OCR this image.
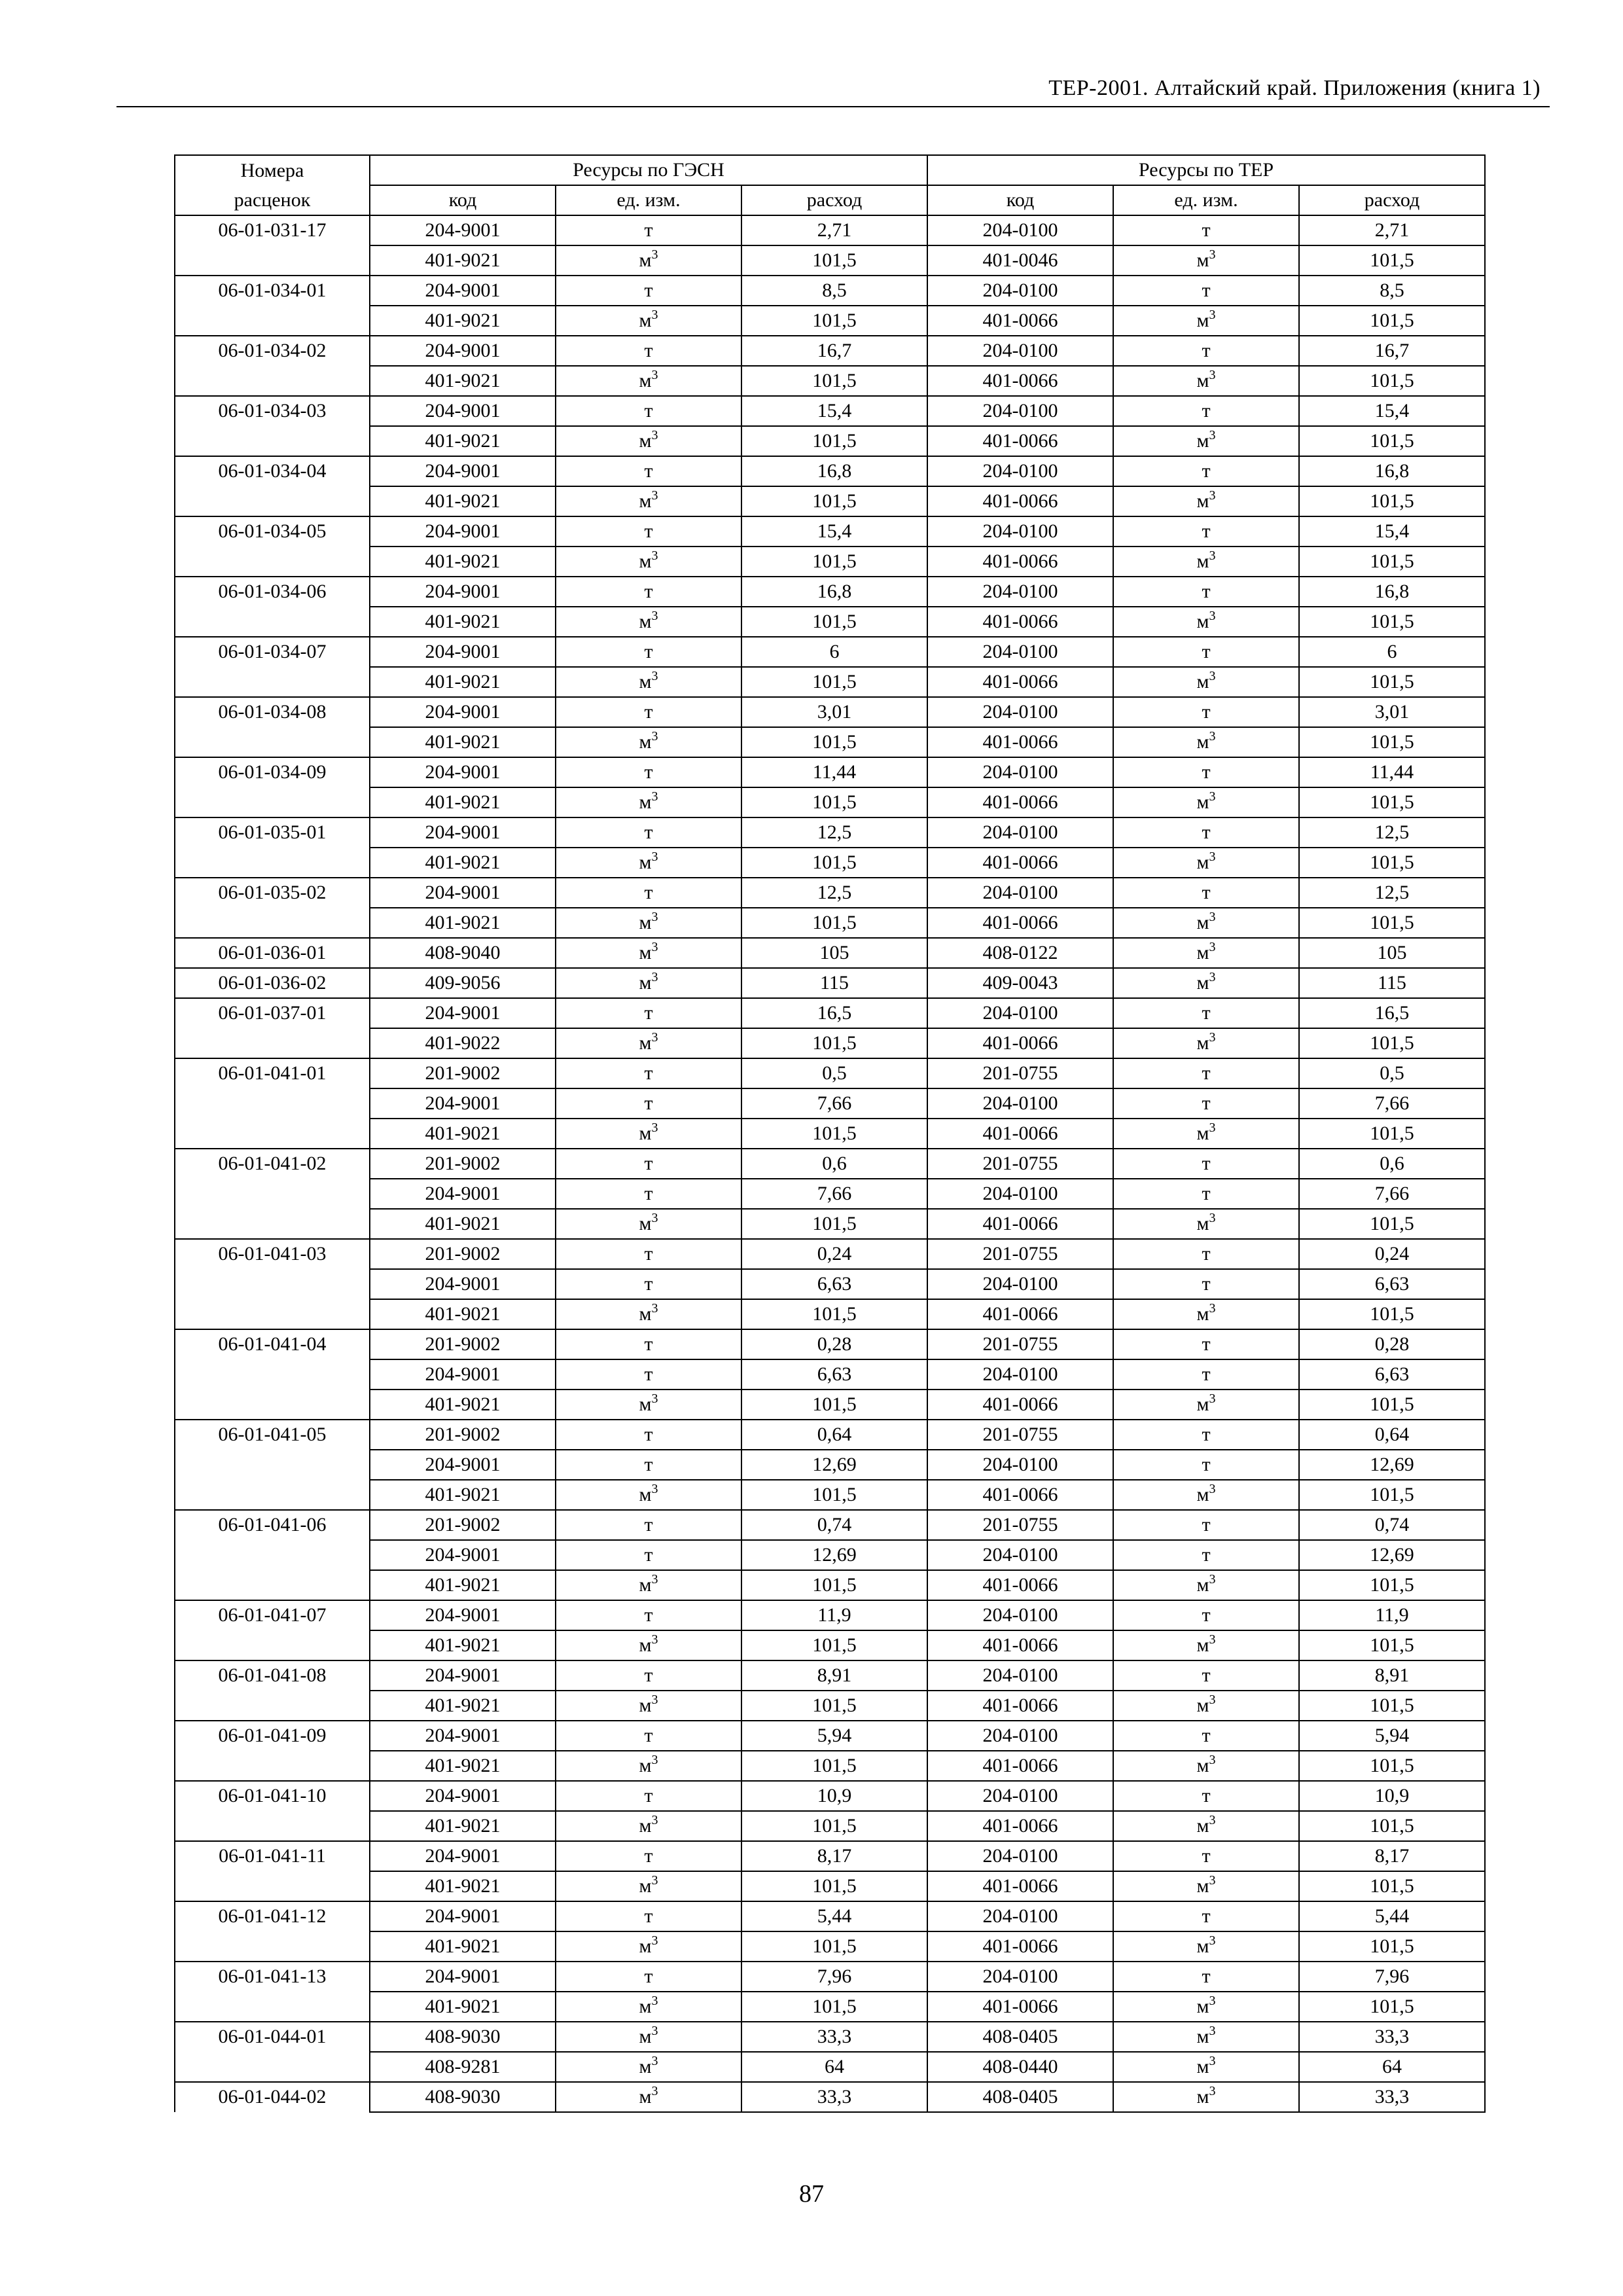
ТЕР-2001. Алтайский край. Приложения (книга 1)
Номера	Ресурсы по ГЭСН			Ресурсы по ТЕР		
расценок	код	ед. изм.	расход	код	ед. изм.	расход
06-01-031-17	204-9001	т	2,71	204-0100	т	2,71
	401-9021	$м^3$	101,5	401-0046	$м^3$	101,5
06-01-034-01	204-9001	т	8,5	204-0100	т	8,5
	401-9021	$м^3$	101,5	401-0066	$м^3$	101,5
06-01-034-02	204-9001	т	16,7	204-0100	т	16,7
	401-9021	$м^3$	101,5	401-0066	$м^3$	101,5
06-01-034-03	204-9001	т	15,4	204-0100	т	15,4
	401-9021	$м^3$	101,5	401-0066	$м^3$	101,5
06-01-034-04	204-9001	т	16,8	204-0100	т	16,8
	401-9021	$м^3$	101,5	401-0066	$м^3$	101,5
06-01-034-05	204-9001	т	15,4	204-0100	т	15,4
	401-9021	$м^3$	101,5	401-0066	$м^3$	101,5
06-01-034-06	204-9001	т	16,8	204-0100	т	16,8
	401-9021	$м^3$	101,5	401-0066	$м^3$	101,5
06-01-034-07	204-9001	т	6	204-0100	т	6
	401-9021	$м^3$	101,5	401-0066	$м^3$	101,5
06-01-034-08	204-9001	т	3,01	204-0100	т	3,01
	401-9021	$м^3$	101,5	401-0066	$м^3$	101,5
06-01-034-09	204-9001	т	11,44	204-0100	т	11,44
	401-9021	$м^3$	101,5	401-0066	$м^3$	101,5
06-01-035-01	204-9001	т	12,5	204-0100	т	12,5
	401-9021	$м^3$	101,5	401-0066	$м^3$	101,5
06-01-035-02	204-9001	т	12,5	204-0100	т	12,5
	401-9021	$м^3$	101,5	401-0066	$м^3$	101,5
06-01-036-01	408-9040	$м^3$	105	408-0122	$м^3$	105
06-01-036-02	409-9056	$м^3$	115	409-0043	$м^3$	115
06-01-037-01	204-9001	т	16,5	204-0100	т	16,5
	401-9022	$м^3$	101,5	401-0066	$м^3$	101,5
06-01-041-01	201-9002	т	0,5	201-0755	т	0,5
	204-9001	т	7,66	204-0100	т	7,66
	401-9021	$м^3$	101,5	401-0066	$м^3$	101,5
06-01-041-02	201-9002	т	0,6	201-0755	т	0,6
	204-9001	т	7,66	204-0100	т	7,66
	401-9021	$м^3$	101,5	401-0066	$м^3$	101,5
06-01-041-03	201-9002	т	0,24	201-0755	т	0,24
	204-9001	т	6,63	204-0100	т	6,63
	401-9021	$м^3$	101,5	401-0066	$м^3$	101,5
06-01-041-04	201-9002	т	0,28	201-0755	т	0,28
	204-9001	т	6,63	204-0100	т	6,63
	401-9021	$м^3$	101,5	401-0066	$м^3$	101,5
06-01-041-05	201-9002	т	0,64	201-0755	т	0,64
	204-9001	т	12,69	204-0100	т	12,69
	401-9021	$м^3$	101,5	401-0066	$м^3$	101,5
06-01-041-06	201-9002	т	0,74	201-0755	т	0,74
	204-9001	т	12,69	204-0100	т	12,69
	401-9021	$м^3$	101,5	401-0066	$м^3$	101,5
06-01-041-07	204-9001	т	11,9	204-0100	т	11,9
	401-9021	$м^3$	101,5	401-0066	$м^3$	101,5
06-01-041-08	204-9001	т	8,91	204-0100	т	8,91
	401-9021	$м^3$	101,5	401-0066	$м^3$	101,5
06-01-041-09	204-9001	т	5,94	204-0100	т	5,94
	401-9021	$м^3$	101,5	401-0066	$м^3$	101,5
06-01-041-10	204-9001	т	10,9	204-0100	т	10,9
	401-9021	$м^3$	101,5	401-0066	$м^3$	101,5
06-01-041-11	204-9001	т	8,17	204-0100	т	8,17
	401-9021	$м^3$	101,5	401-0066	$м^3$	101,5
06-01-041-12	204-9001	т	5,44	204-0100	т	5,44
	401-9021	$м^3$	101,5	401-0066	$м^3$	101,5
06-01-041-13	204-9001	т	7,96	204-0100	т	7,96
	401-9021	$м^3$	101,5	401-0066	$м^3$	101,5
06-01-044-01	408-9030	$м^3$	33,3	408-0405	$м^3$	33,3
	408-9281	$м^3$	64	408-0440	$м^3$	64
06-01-044-02	408-9030	$м^3$	33,3	408-0405	$м^3$	33,3
87
